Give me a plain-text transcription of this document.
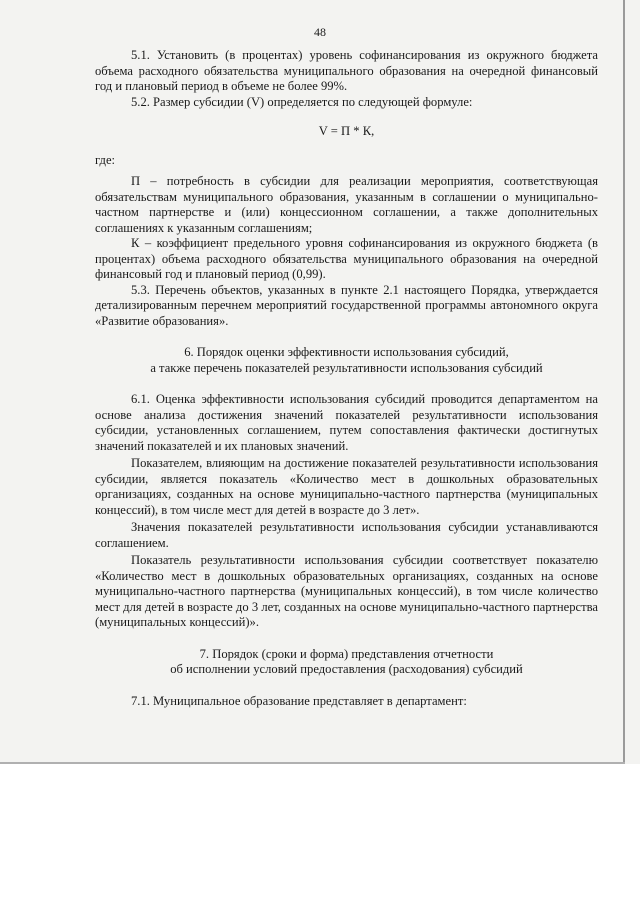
48

5.1. Установить (в процентах) уровень софинансирования из окружного бюджета объема расходного обязательства муниципального образования на очередной финансовый год и плановый период в объеме не более 99%.

5.2. Размер субсидии (V) определяется по следующей формуле:

V = П * К,

где:

П – потребность в субсидии для реализации мероприятия, соответствующая обязательствам муниципального образования, указанным в соглашении о муниципально-частном партнерстве и (или) концессионном соглашении, а также дополнительных соглашениях к указанным соглашениям;

К – коэффициент предельного уровня софинансирования из окружного бюджета (в процентах) объема расходного обязательства муниципального образования на очередной финансовый год и плановый период (0,99).

5.3. Перечень объектов, указанных в пункте 2.1 настоящего Порядка, утверждается детализированным перечнем мероприятий государственной программы автономного округа «Развитие образования».

6. Порядок оценки эффективности использования субсидий,
а также перечень показателей результативности использования субсидий

6.1. Оценка эффективности использования субсидий проводится департаментом на основе анализа достижения значений показателей результативности использования субсидии, установленных соглашением, путем сопоставления фактически достигнутых значений показателей и их плановых значений.

Показателем, влияющим на достижение показателей результативности использования субсидии, является показатель «Количество мест в дошкольных образовательных организациях, созданных на основе муниципально-частного партнерства (муниципальных концессий), в том числе мест для детей в возрасте до 3 лет».

Значения показателей результативности использования субсидии устанавливаются соглашением.

Показатель результативности использования субсидии соответствует показателю «Количество мест в дошкольных образовательных организациях, созданных на основе муниципально-частного партнерства (муниципальных концессий), в том числе количество мест для детей в возрасте до 3 лет, созданных на основе муниципально-частного партнерства (муниципальных концессий)».

7. Порядок (сроки и форма) представления отчетности
об исполнении условий предоставления (расходования) субсидий

7.1. Муниципальное образование представляет в департамент:
